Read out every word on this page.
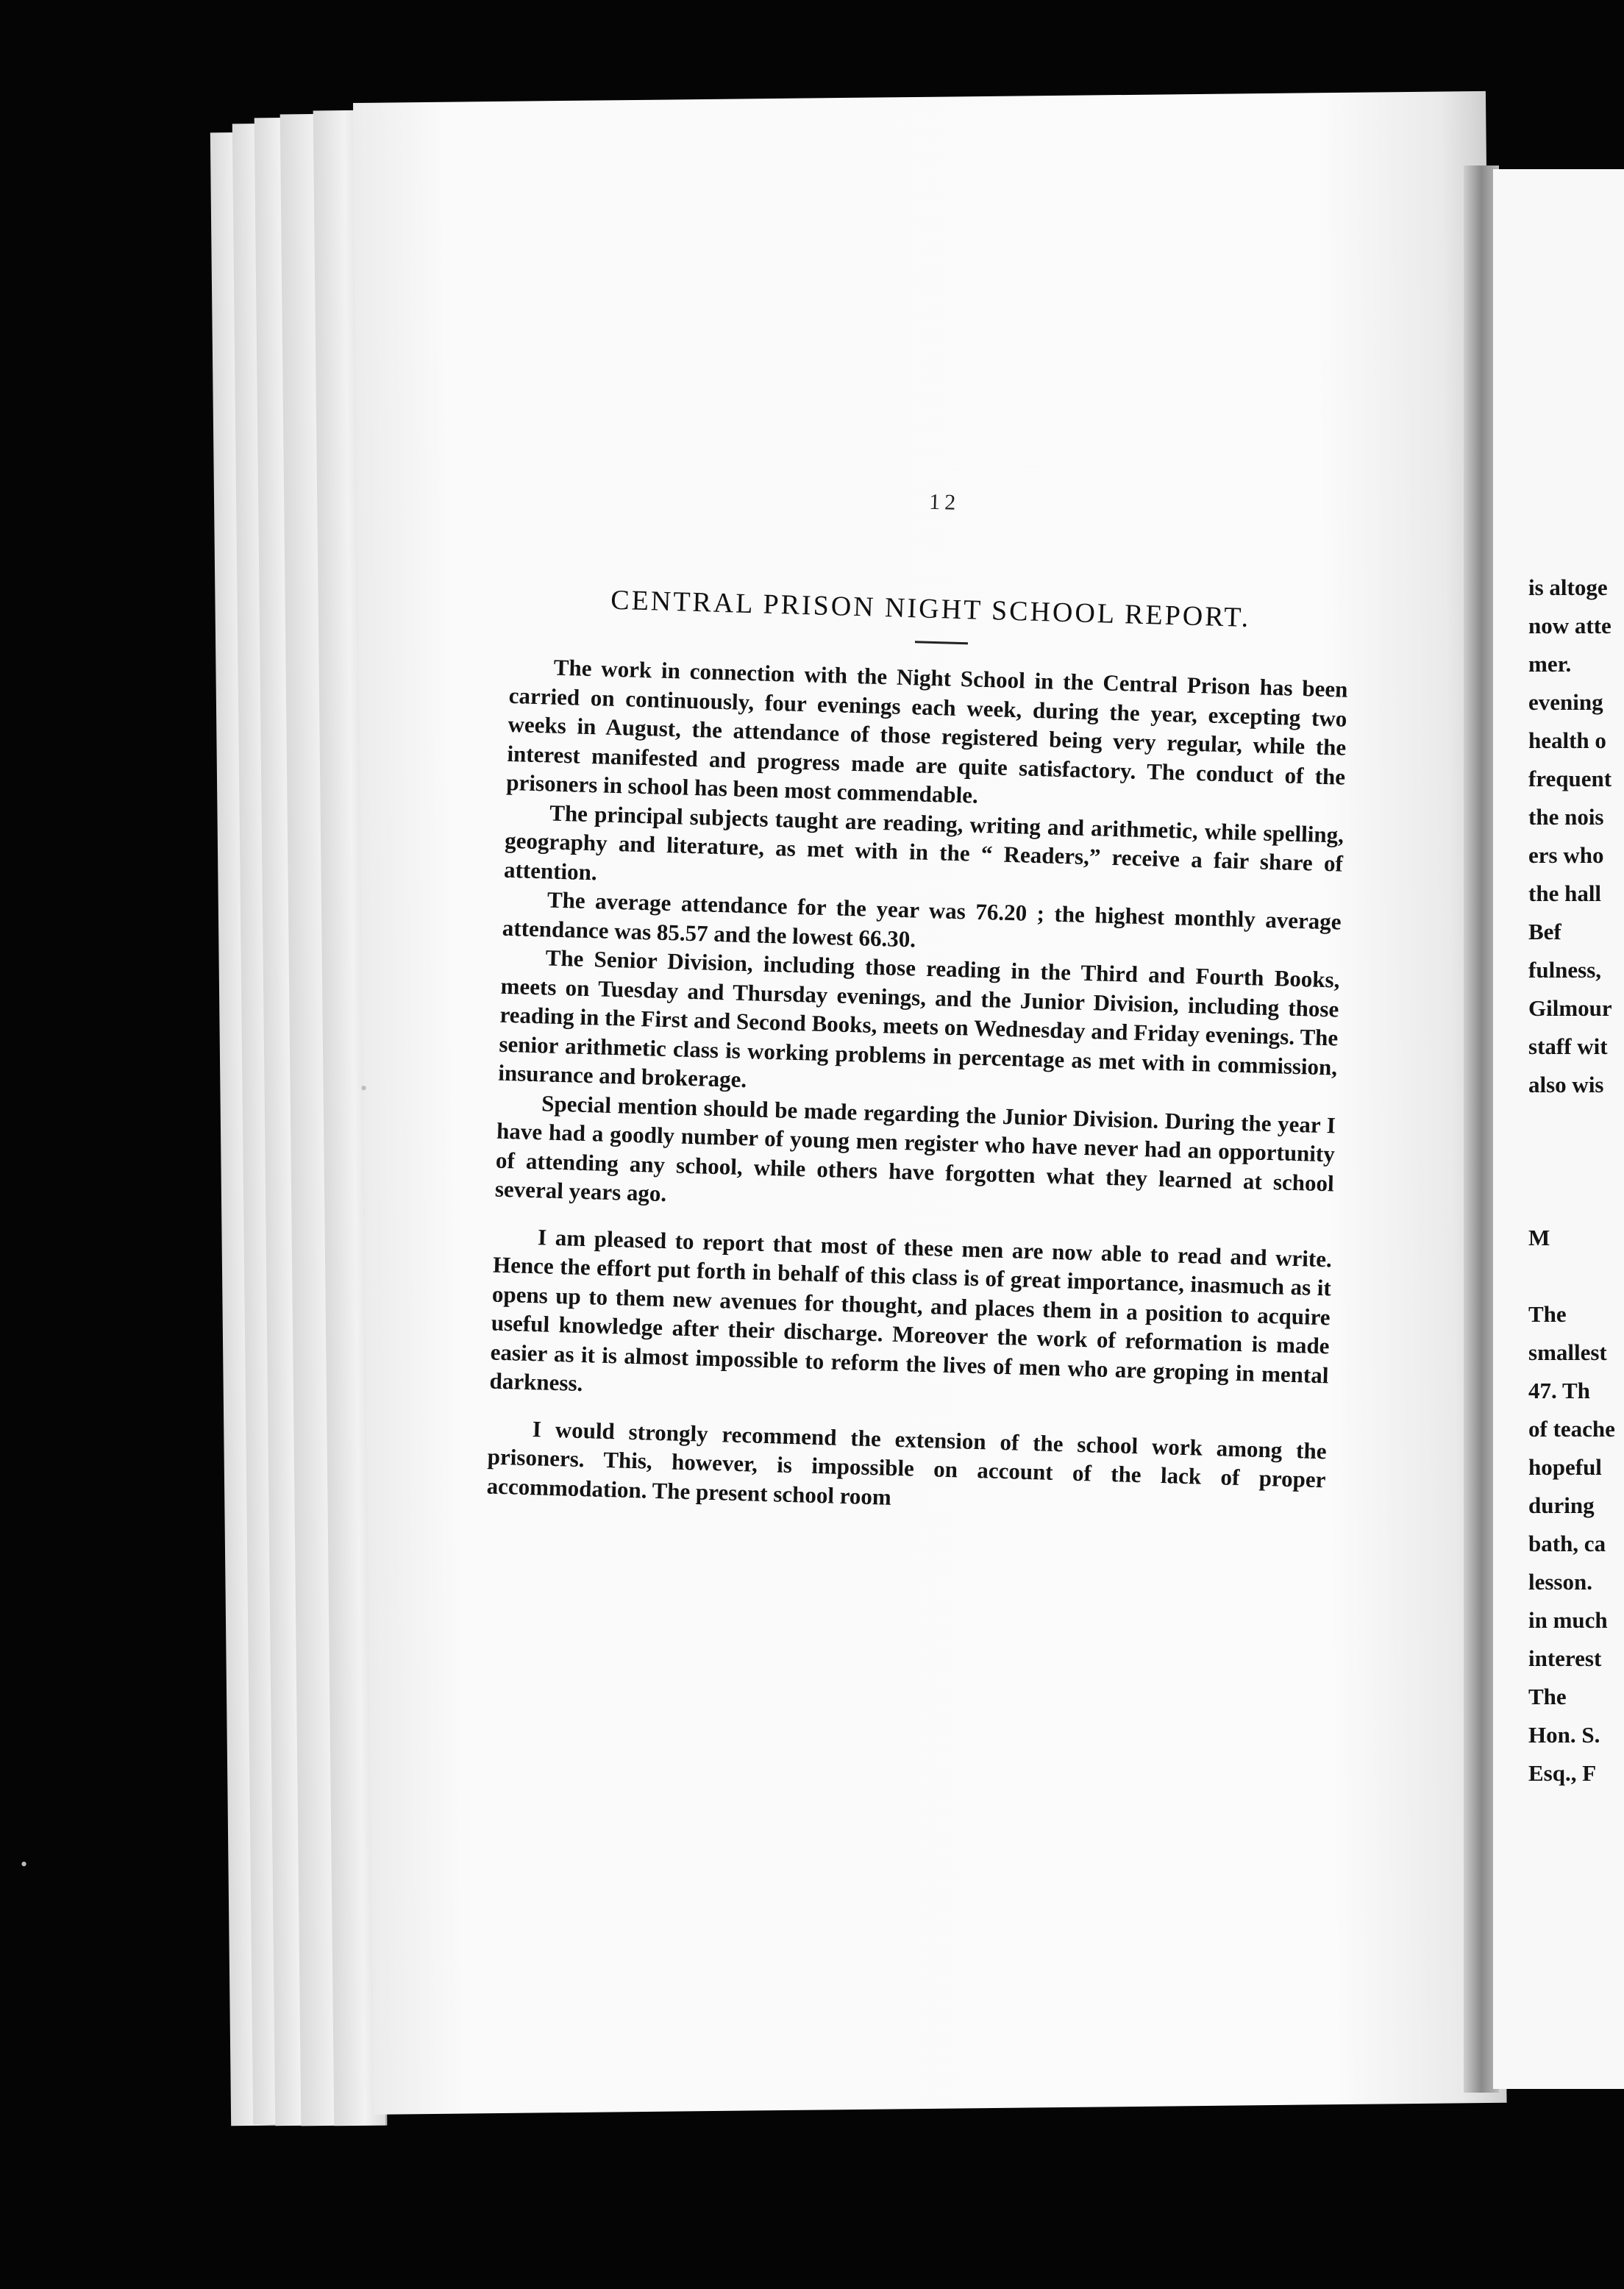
12
CENTRAL PRISON NIGHT SCHOOL REPORT.

The work in connection with the Night School in the Central Prison has been carried on continuously, four evenings each week, during the year, excepting two weeks in August, the attendance of those registered being very regular, while the interest manifested and progress made are quite satisfactory. The conduct of the prisoners in school has been most commendable.

The principal subjects taught are reading, writing and arithmetic, while spelling, geography and literature, as met with in the “ Readers,” receive a fair share of attention.

The average attendance for the year was 76.20 ; the highest monthly average attendance was 85.57 and the lowest 66.30.

The Senior Division, including those reading in the Third and Fourth Books, meets on Tuesday and Thursday evenings, and the Junior Division, including those reading in the First and Second Books, meets on Wednesday and Friday evenings. The senior arithmetic class is working problems in percentage as met with in commission, insurance and brokerage.

Special mention should be made regarding the Junior Division. During the year I have had a goodly number of young men register who have never had an opportunity of attending any school, while others have forgotten what they learned at school several years ago.

I am pleased to report that most of these men are now able to read and write. Hence the effort put forth in behalf of this class is of great importance, inasmuch as it opens up to them new avenues for thought, and places them in a position to acquire useful knowledge after their discharge. Moreover the work of reformation is made easier as it is almost impossible to reform the lives of men who are groping in mental darkness.

I would strongly recommend the extension of the school work among the prisoners. This, however, is impossible on account of the lack of proper accommodation. The present school room

is altoge
now atte
mer.
evening
health o
frequent
the nois
ers who
the hall
Bef
fulness,
Gilmour
staff wit
also wis
M
The
smallest
47. Th
of teache
hopeful
during
bath, ca
lesson.
in much
interest
The
Hon. S.
Esq., F
•
•
